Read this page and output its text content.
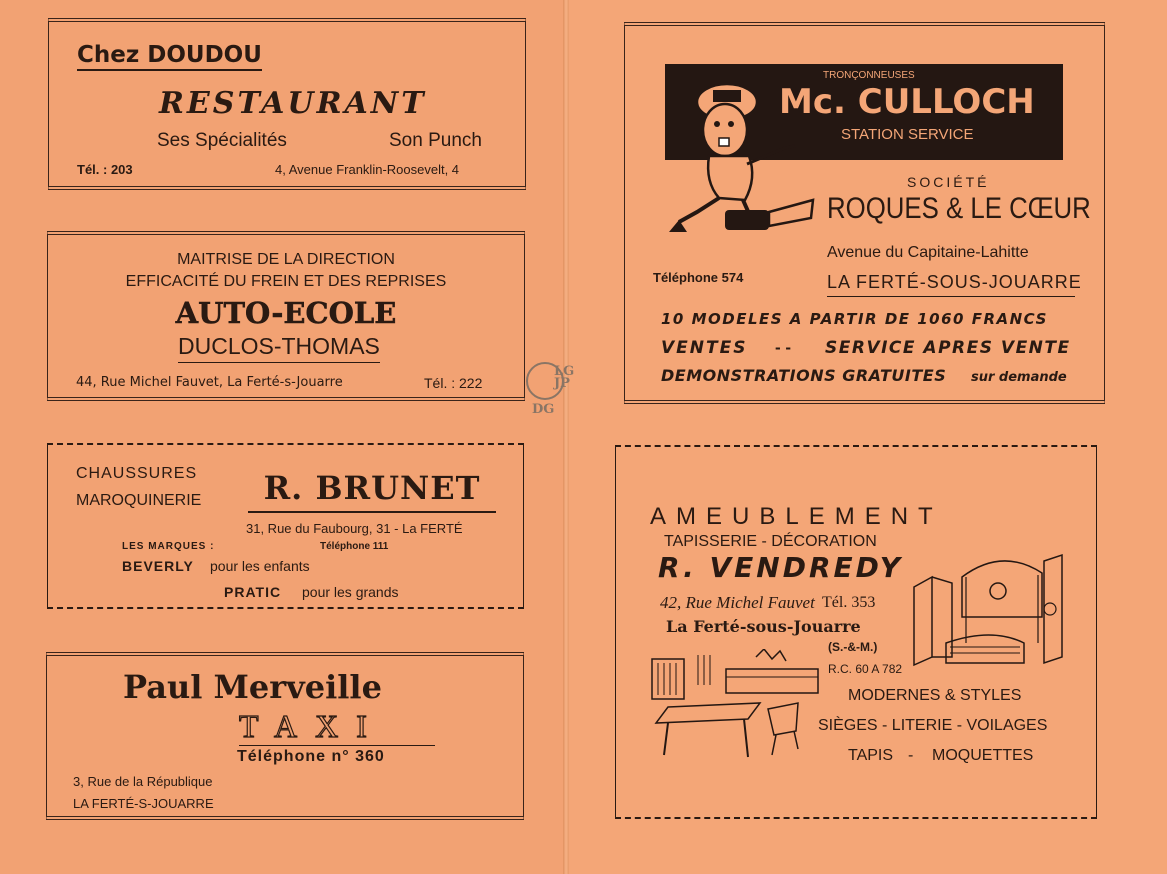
Chez DOUDOU
RESTAURANT
Ses Spécialités	Son Punch
Tél. : 203	4, Avenue Franklin-Roosevelt, 4
MAITRISE DE LA DIRECTION
EFFICACITÉ DU FREIN ET DES REPRISES
AUTO-ECOLE
DUCLOS-THOMAS
44, Rue Michel Fauvet, La Ferté-s-Jouarre	Tél. : 222
LG
JP
DG
CHAUSSURES
MAROQUINERIE	R. BRUNET
31, Rue du Faubourg, 31 - La FERTÉ
LES MARQUES :	Téléphone 111
BEVERLY pour les enfants
PRATIC pour les grands
Paul Merveille
TAXI
Téléphone n° 360
3, Rue de la République
LA FERTÉ-S-JOUARRE
TRONÇONNEUSES
Mc. CULLOCH
STATION SERVICE
SOCIÉTÉ
ROQUES & LE CŒUR
Avenue du Capitaine-Lahitte
LA FERTÉ-SOUS-JOUARRE
Téléphone 574
10 MODELES A PARTIR DE 1060 FRANCS
VENTES - - SERVICE APRES VENTE
DEMONSTRATIONS GRATUITES sur demande
AMEUBLEMENT
TAPISSERIE - DÉCORATION
R. VENDREDY
42, Rue Michel Fauvet Tél. 353
La Ferté-sous-Jouarre
(S.-&-M.)
R.C. 60 A 782
MODERNES & STYLES
SIÈGES - LITERIE - VOILAGES
TAPIS - MOQUETTES
